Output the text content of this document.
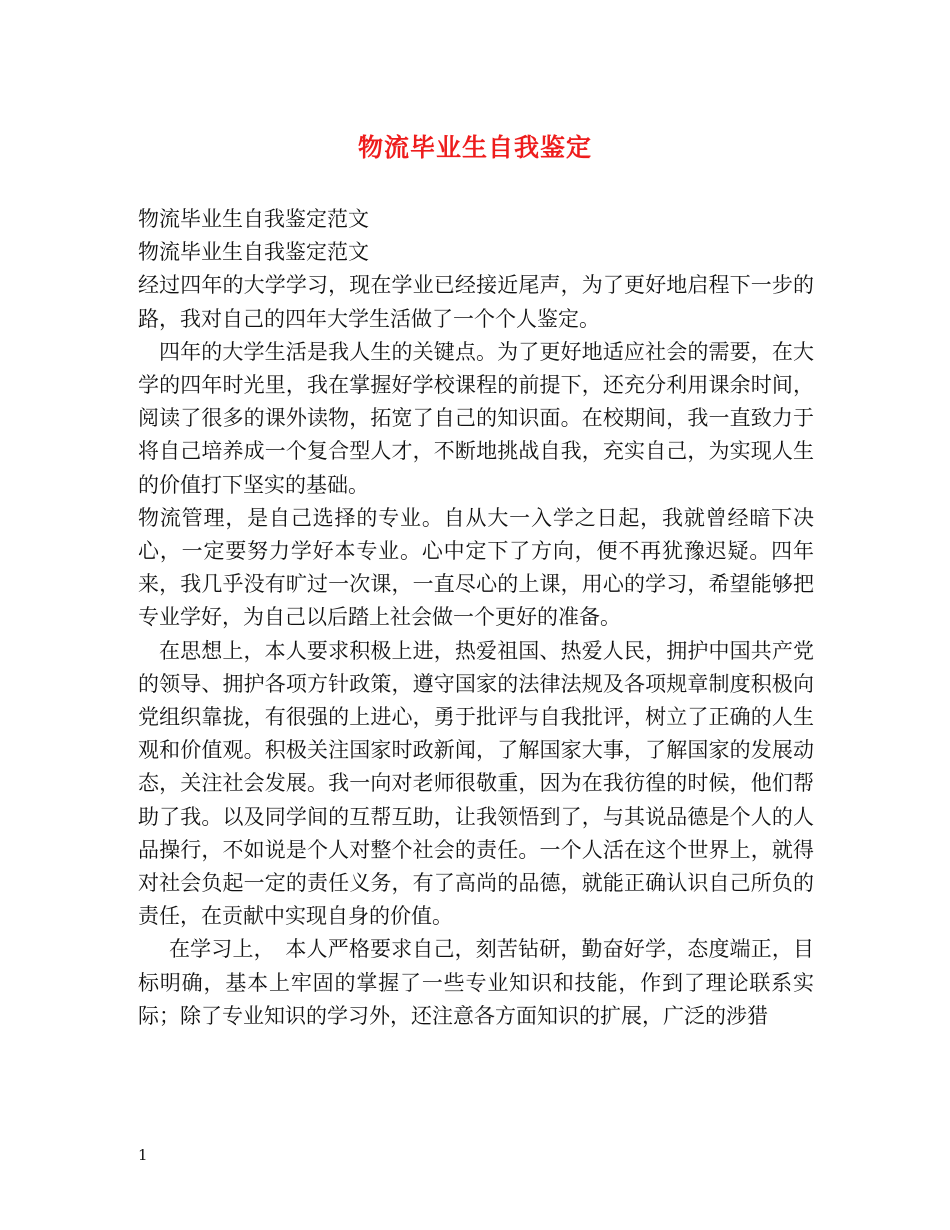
物流毕业生自我鉴定

物流毕业生自我鉴定范文

物流毕业生自我鉴定范文

经过四年的大学学习，现在学业已经接近尾声，为了更好地启程下一步的路，我对自己的四年大学生活做了一个个人鉴定。

四年的大学生活是我人生的关键点。为了更好地适应社会的需要，在大学的四年时光里，我在掌握好学校课程的前提下，还充分利用课余时间，阅读了很多的课外读物，拓宽了自己的知识面。在校期间，我一直致力于将自己培养成一个复合型人才，不断地挑战自我，充实自己，为实现人生的价值打下坚实的基础。

物流管理，是自己选择的专业。自从大一入学之日起，我就曾经暗下决心，一定要努力学好本专业。心中定下了方向，便不再犹豫迟疑。四年来，我几乎没有旷过一次课，一直尽心的上课，用心的学习，希望能够把专业学好，为自己以后踏上社会做一个更好的准备。

在思想上，本人要求积极上进，热爱祖国、热爱人民，拥护中国共产党的领导、拥护各项方针政策，遵守国家的法律法规及各项规章制度积极向党组织靠拢，有很强的上进心，勇于批评与自我批评，树立了正确的人生观和价值观。积极关注国家时政新闻，了解国家大事，了解国家的发展动态，关注社会发展。我一向对老师很敬重，因为在我彷徨的时候，他们帮助了我。以及同学间的互帮互助，让我领悟到了，与其说品德是个人的人品操行，不如说是个人对整个社会的责任。一个人活在这个世界上，就得对社会负起一定的责任义务，有了高尚的品德，就能正确认识自己所负的责任，在贡献中实现自身的价值。

在学习上，　本人严格要求自己，刻苦钻研，勤奋好学，态度端正，目标明确，基本上牢固的掌握了一些专业知识和技能，作到了理论联系实际；除了专业知识的学习外，还注意各方面知识的扩展，广泛的涉猎

1
